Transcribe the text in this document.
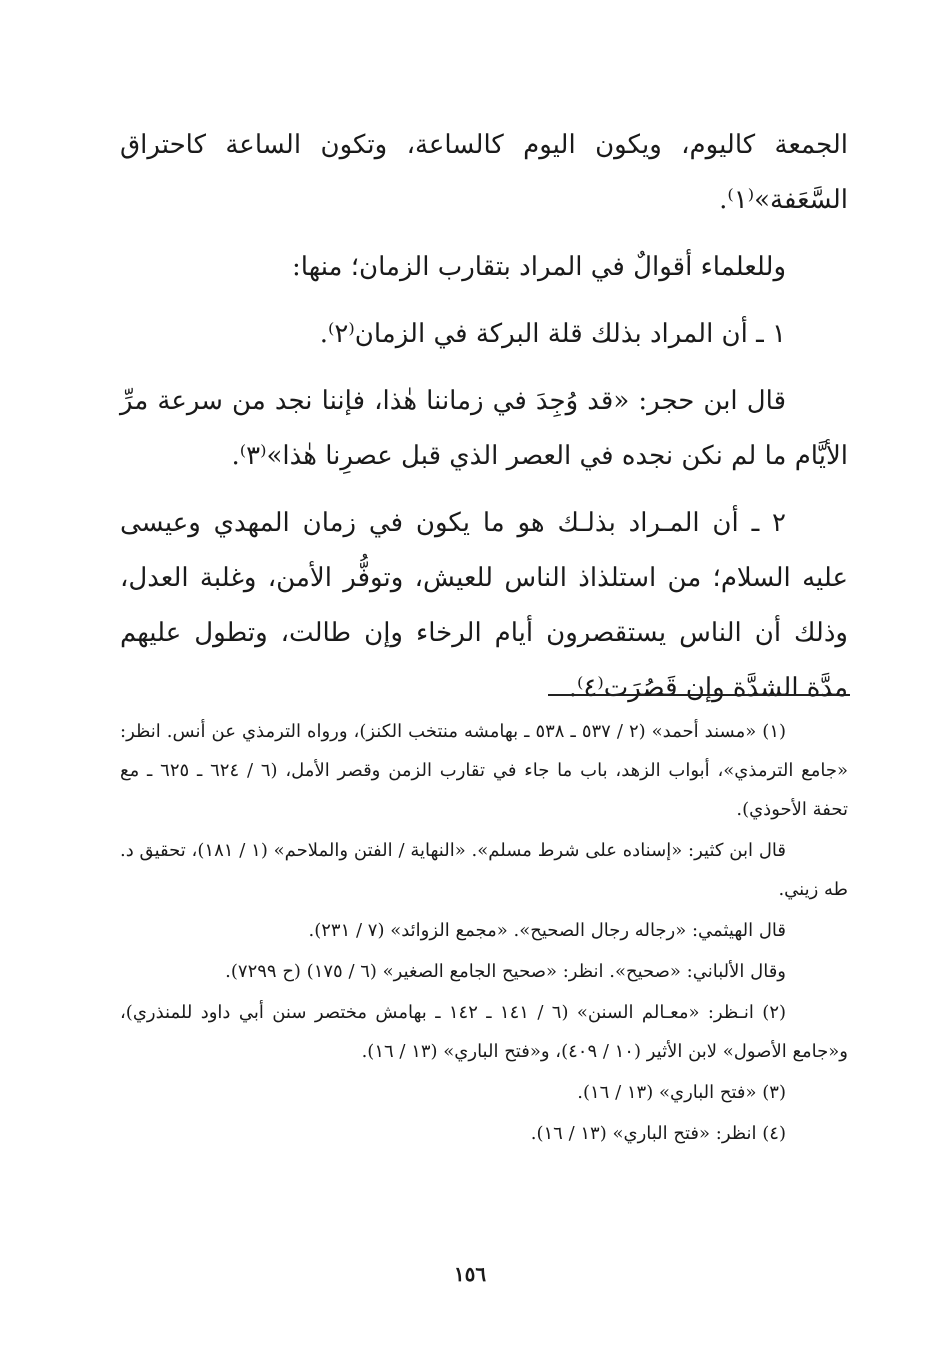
الجمعة كاليوم، ويكون اليوم كالساعة، وتكون الساعة كاحتراق السَّعَفة»⁽١⁾.

وللعلماء أقوالٌ في المراد بتقارب الزمان؛ منها:

١ ـ أن المراد بذلك قلة البركة في الزمان⁽٢⁾.

قال ابن حجر: «قد وُجِدَ في زماننا هٰذا، فإننا نجد من سرعة مرِّ الأيَّام ما لم نكن نجده في العصر الذي قبل عصرِنا هٰذا»⁽٣⁾.

٢ ـ أن المـراد بذلـك هو ما يكون في زمان المهدي وعيسى عليه السلام؛ من استلذاذ الناس للعيش، وتوفُّر الأمن، وغلبة العدل، وذلك أن الناس يستقصرون أيام الرخاء وإن طالت، وتطول عليهم مدَّة الشدَّة وإن قَصُرَت⁽٤⁾.

(١) «مسند أحمد» (٢ / ٥٣٧ ـ ٥٣٨ ـ بهامشه منتخب الكنز)، ورواه الترمذي عن أنس. انظر: «جامع الترمذي»، أبواب الزهد، باب ما جاء في تقارب الزمن وقصر الأمل، (٦ / ٦٢٤ ـ ٦٢٥ ـ مع تحفة الأحوذي).

قال ابن كثير: «إسناده على شرط مسلم». «النهاية / الفتن والملاحم» (١ / ١٨١)، تحقيق د. طه زيني.

قال الهيثمي: «رجاله رجال الصحيح». «مجمع الزوائد» (٧ / ٢٣١).

وقال الألباني: «صحيح». انظر: «صحيح الجامع الصغير» (٦ / ١٧٥) (ح ٧٢٩٩).

(٢) انـظر: «معـالم السنن» (٦ / ١٤١ ـ ١٤٢ ـ بهامش مختصر سنن أبي داود للمنذري)، و«جامع الأصول» لابن الأثير (١٠ / ٤٠٩)، و«فتح الباري» (١٣ / ١٦).

(٣) «فتح الباري» (١٣ / ١٦).

(٤) انظر: «فتح الباري» (١٣ / ١٦).

١٥٦
